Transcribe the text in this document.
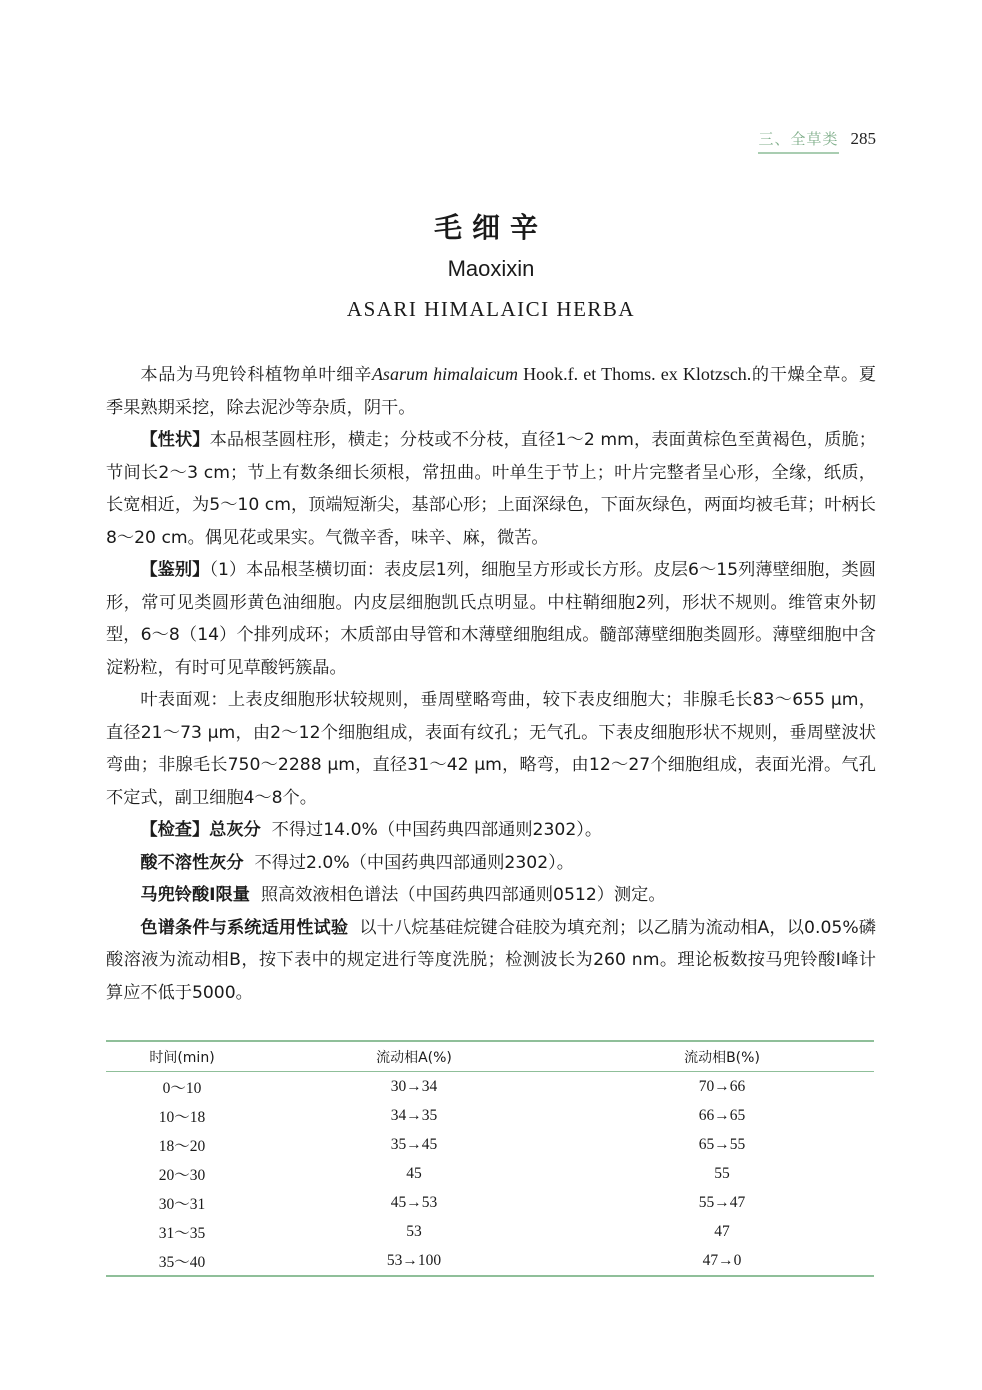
三、全草类 285
毛细辛
Maoxixin
ASARI HIMALAICI HERBA

本品为马兜铃科植物单叶细辛Asarum himalaicum Hook.f. et Thoms. ex Klotzsch.的干燥全草。夏季果熟期采挖，除去泥沙等杂质，阴干。

【性状】本品根茎圆柱形，横走；分枝或不分枝，直径1～2 mm，表面黄棕色至黄褐色，质脆；节间长2～3 cm；节上有数条细长须根，常扭曲。叶单生于节上；叶片完整者呈心形，全缘，纸质，长宽相近，为5～10 cm，顶端短渐尖，基部心形；上面深绿色，下面灰绿色，两面均被毛茸；叶柄长8～20 cm。偶见花或果实。气微辛香，味辛、麻，微苦。

【鉴别】（1）本品根茎横切面：表皮层1列，细胞呈方形或长方形。皮层6～15列薄壁细胞，类圆形，常可见类圆形黄色油细胞。内皮层细胞凯氏点明显。中柱鞘细胞2列，形状不规则。维管束外韧型，6～8（14）个排列成环；木质部由导管和木薄壁细胞组成。髓部薄壁细胞类圆形。薄壁细胞中含淀粉粒，有时可见草酸钙簇晶。

叶表面观：上表皮细胞形状较规则，垂周壁略弯曲，较下表皮细胞大；非腺毛长83～655 μm，直径21～73 μm，由2～12个细胞组成，表面有纹孔；无气孔。下表皮细胞形状不规则，垂周壁波状弯曲；非腺毛长750～2288 μm，直径31～42 μm，略弯，由12～27个细胞组成，表面光滑。气孔不定式，副卫细胞4～8个。

【检查】总灰分 不得过14.0%（中国药典四部通则2302）。

酸不溶性灰分 不得过2.0%（中国药典四部通则2302）。

马兜铃酸Ⅰ限量 照高效液相色谱法（中国药典四部通则0512）测定。

色谱条件与系统适用性试验 以十八烷基硅烷键合硅胶为填充剂；以乙腈为流动相A，以0.05%磷酸溶液为流动相B，按下表中的规定进行等度洗脱；检测波长为260 nm。理论板数按马兜铃酸Ⅰ峰计算应不低于5000。

时间(min)	流动相A(%)	流动相B(%)
0～10	30→34	70→66
10～18	34→35	66→65
18～20	35→45	65→55
20～30	45	55
30～31	45→53	55→47
31～35	53	47
35～40	53→100	47→0
